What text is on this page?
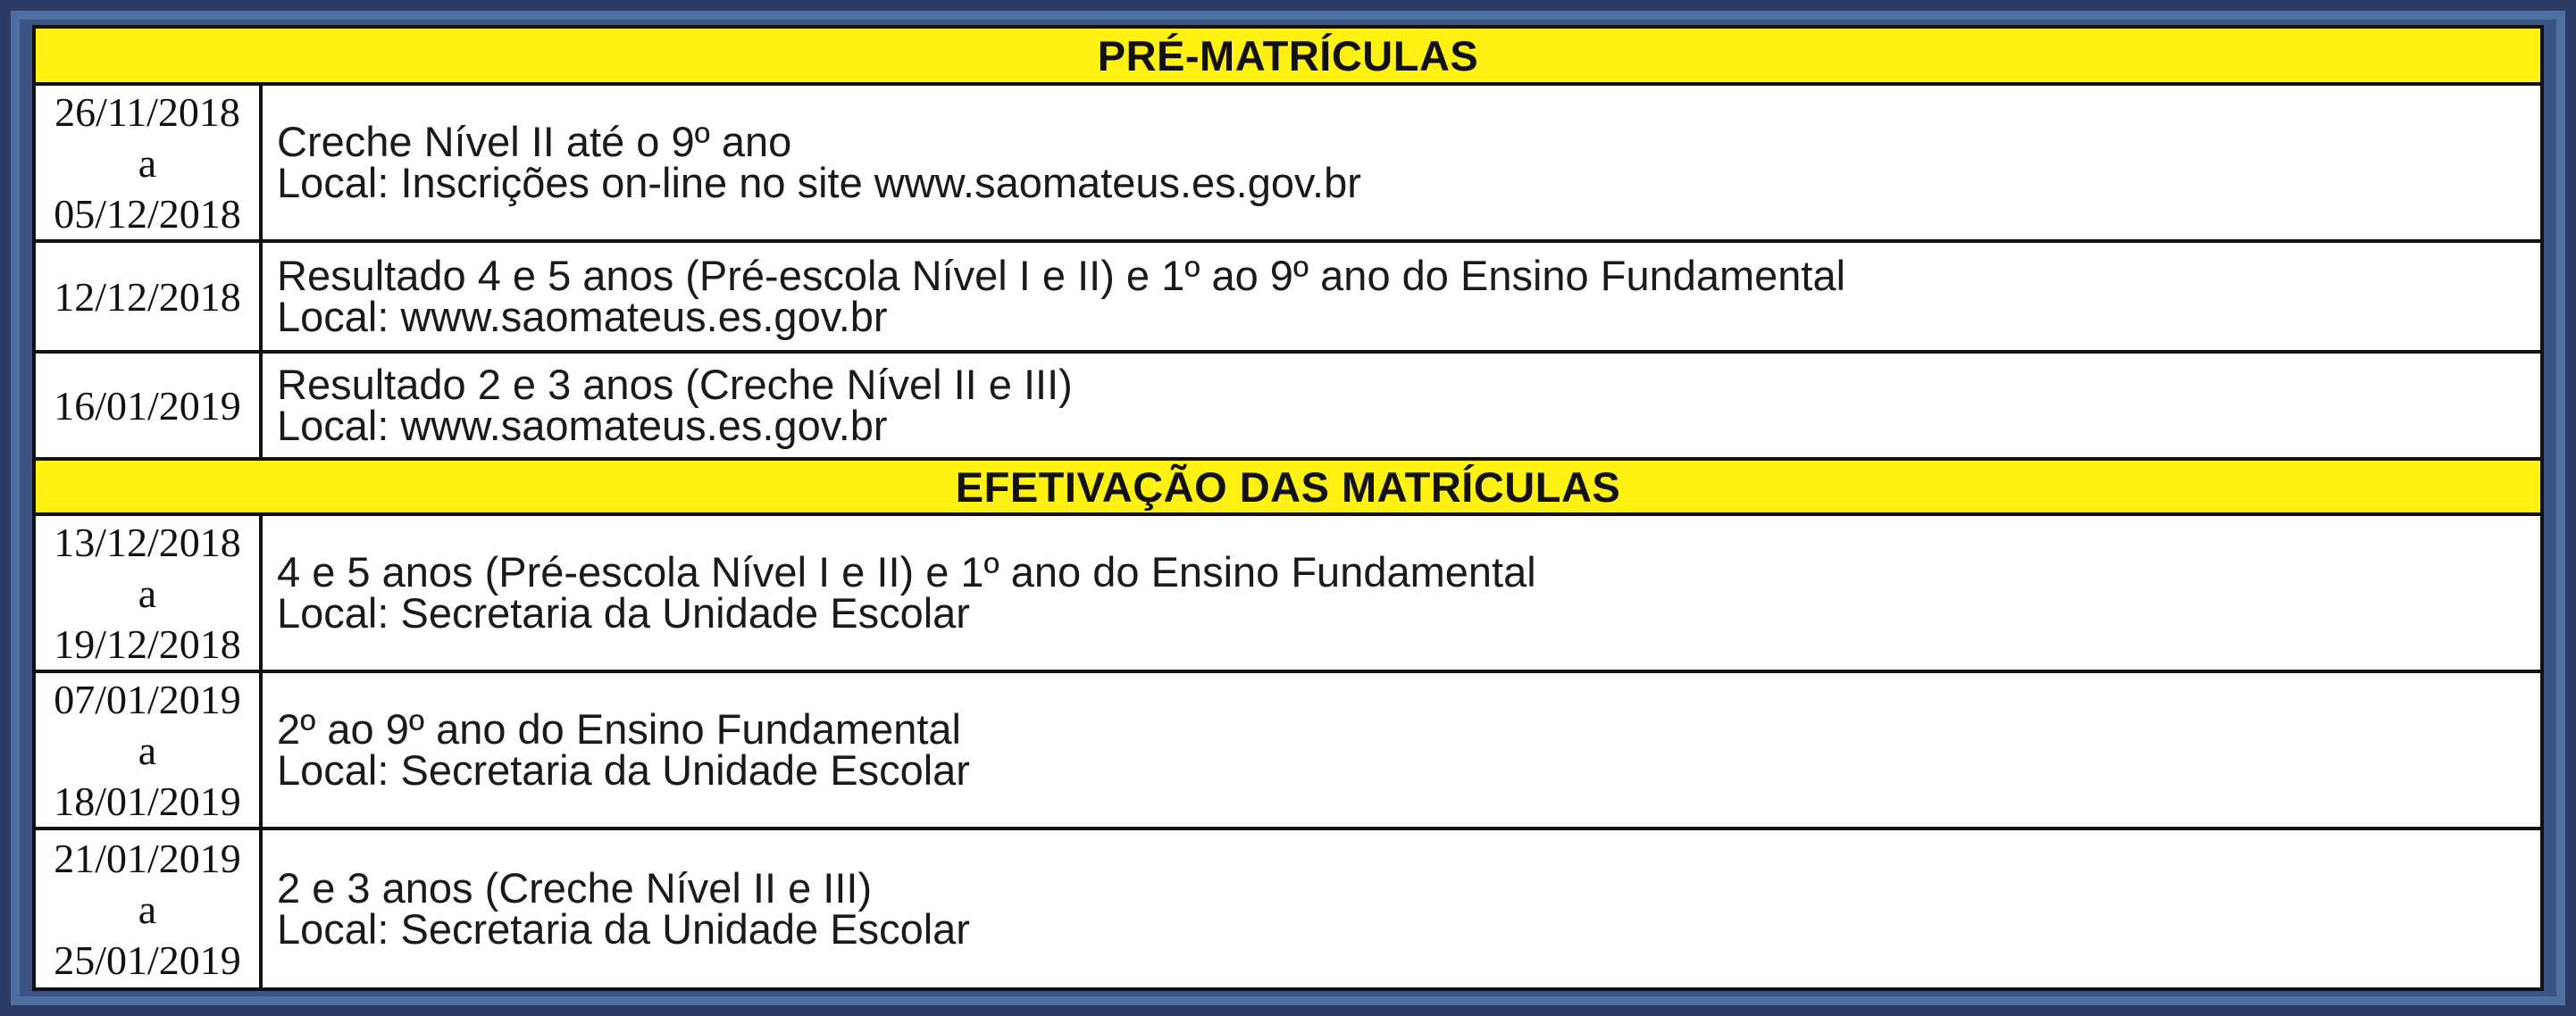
PRÉ-MATRÍCULAS
26/11/2018
a
05/12/2018
Creche Nível II até o 9º ano
Local: Inscrições on-line no site www.saomateus.es.gov.br
12/12/2018 Resultado 4 e 5 anos (Pré-escola Nível I e II) e 1º ao 9º ano do Ensino Fundamental
Local: www.saomateus.es.gov.br
16/01/2019 Resultado 2 e 3 anos (Creche Nível II e III)
Local: www.saomateus.es.gov.br
EFETIVAÇÃO DAS MATRÍCULAS
13/12/2018
a
19/12/2018
4 e 5 anos (Pré-escola Nível I e II) e 1º ano do Ensino Fundamental
Local: Secretaria da Unidade Escolar
07/01/2019
a
18/01/2019
2º ao 9º ano do Ensino Fundamental
Local: Secretaria da Unidade Escolar
21/01/2019
a
25/01/2019
2 e 3 anos (Creche Nível II e III)
Local: Secretaria da Unidade Escolar
